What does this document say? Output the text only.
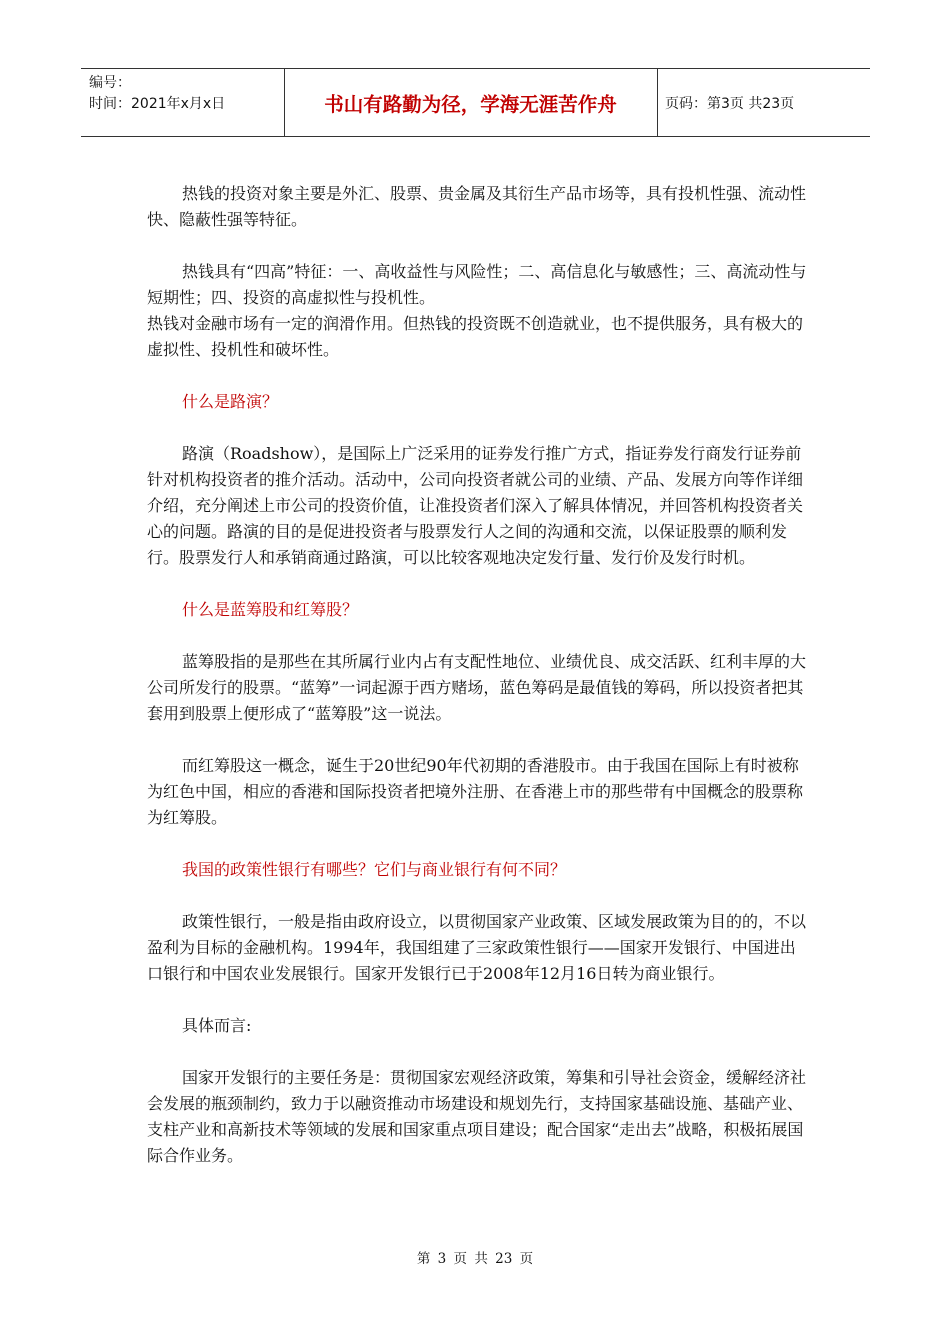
编号：
时间：2021年x月x日	书山有路勤为径，学海无涯苦作舟	页码：第3页 共23页

热钱的投资对象主要是外汇、股票、贵金属及其衍生产品市场等，具有投机性强、流动性快、隐蔽性强等特征。

热钱具有“四高”特征：一、高收益性与风险性；二、高信息化与敏感性；三、高流动性与短期性；四、投资的高虚拟性与投机性。

热钱对金融市场有一定的润滑作用。但热钱的投资既不创造就业，也不提供服务，具有极大的虚拟性、投机性和破坏性。

什么是路演？

路演（Roadshow），是国际上广泛采用的证券发行推广方式，指证券发行商发行证券前针对机构投资者的推介活动。活动中，公司向投资者就公司的业绩、产品、发展方向等作详细介绍，充分阐述上市公司的投资价值，让准投资者们深入了解具体情况，并回答机构投资者关心的问题。路演的目的是促进投资者与股票发行人之间的沟通和交流，以保证股票的顺利发行。股票发行人和承销商通过路演，可以比较客观地决定发行量、发行价及发行时机。

什么是蓝筹股和红筹股？

蓝筹股指的是那些在其所属行业内占有支配性地位、业绩优良、成交活跃、红利丰厚的大公司所发行的股票。“蓝筹”一词起源于西方赌场，蓝色筹码是最值钱的筹码，所以投资者把其套用到股票上便形成了“蓝筹股”这一说法。

而红筹股这一概念，诞生于20世纪90年代初期的香港股市。由于我国在国际上有时被称为红色中国，相应的香港和国际投资者把境外注册、在香港上市的那些带有中国概念的股票称为红筹股。

我国的政策性银行有哪些？它们与商业银行有何不同？

政策性银行，一般是指由政府设立，以贯彻国家产业政策、区域发展政策为目的的，不以盈利为目标的金融机构。1994年，我国组建了三家政策性银行——国家开发银行、中国进出口银行和中国农业发展银行。国家开发银行已于2008年12月16日转为商业银行。

具体而言:

国家开发银行的主要任务是：贯彻国家宏观经济政策，筹集和引导社会资金，缓解经济社会发展的瓶颈制约，致力于以融资推动市场建设和规划先行，支持国家基础设施、基础产业、支柱产业和高新技术等领域的发展和国家重点项目建设；配合国家“走出去”战略，积极拓展国际合作业务。

第 3 页 共 23 页
